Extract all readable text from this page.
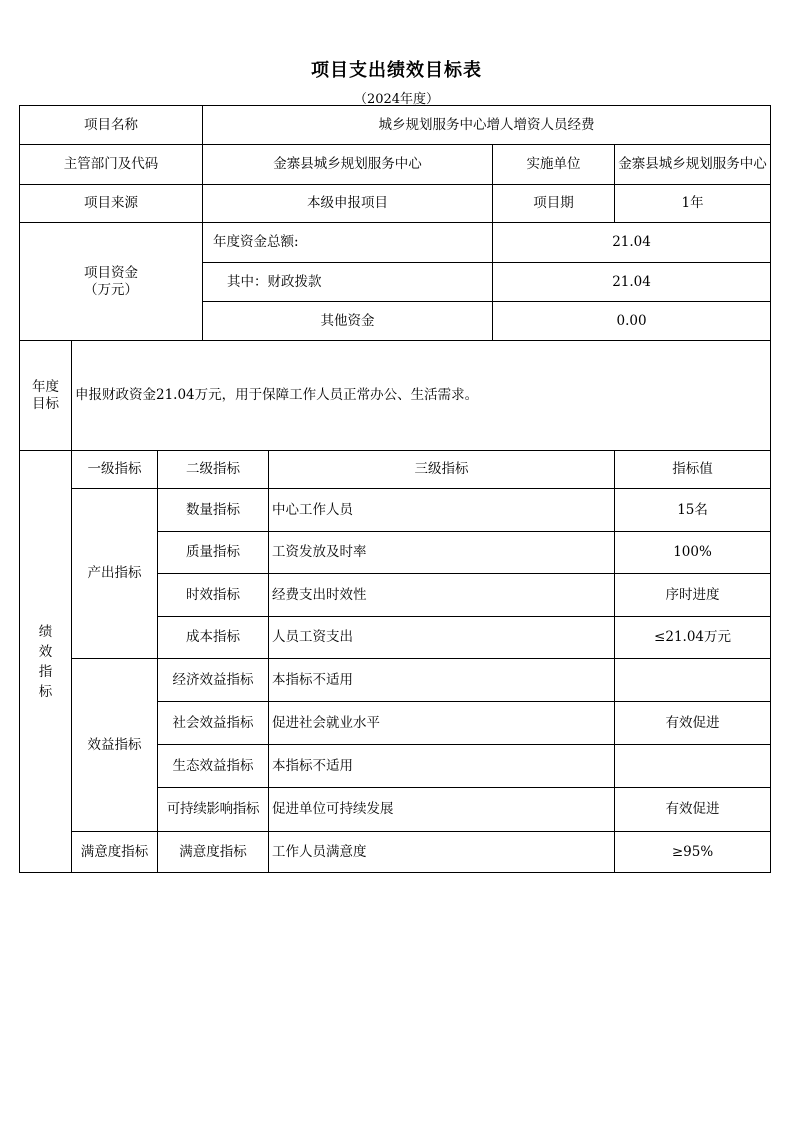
项目支出绩效目标表
（2024年度）
项目名称			城乡规划服务中心增人增资人员经费			
主管部门及代码			金寨县城乡规划服务中心		实施单位	金寨县城乡规划服务中心
项目来源			本级申报项目		项目期	1年

项目资金
（万元）			年度资金总额:		21.04	
			其中：财政拨款		21.04	
			其他资金		0.00	

年度
目标	申报财政资金21.04万元，用于保障工作人员正常办公、生活需求。					

绩
效
指
标	一级指标	二级指标		三级指标		指标值
	产出指标	数量指标		中心工作人员		15名
		质量指标		工资发放及时率		100%
		时效指标		经费支出时效性		序时进度
		成本指标		人员工资支出		≤21.04万元
	效益指标	经济效益指标		本指标不适用		
		社会效益指标		促进社会就业水平		有效促进
		生态效益指标		本指标不适用		
		可持续影响指标		促进单位可持续发展		有效促进
	满意度指标	满意度指标		工作人员满意度		≥95%
